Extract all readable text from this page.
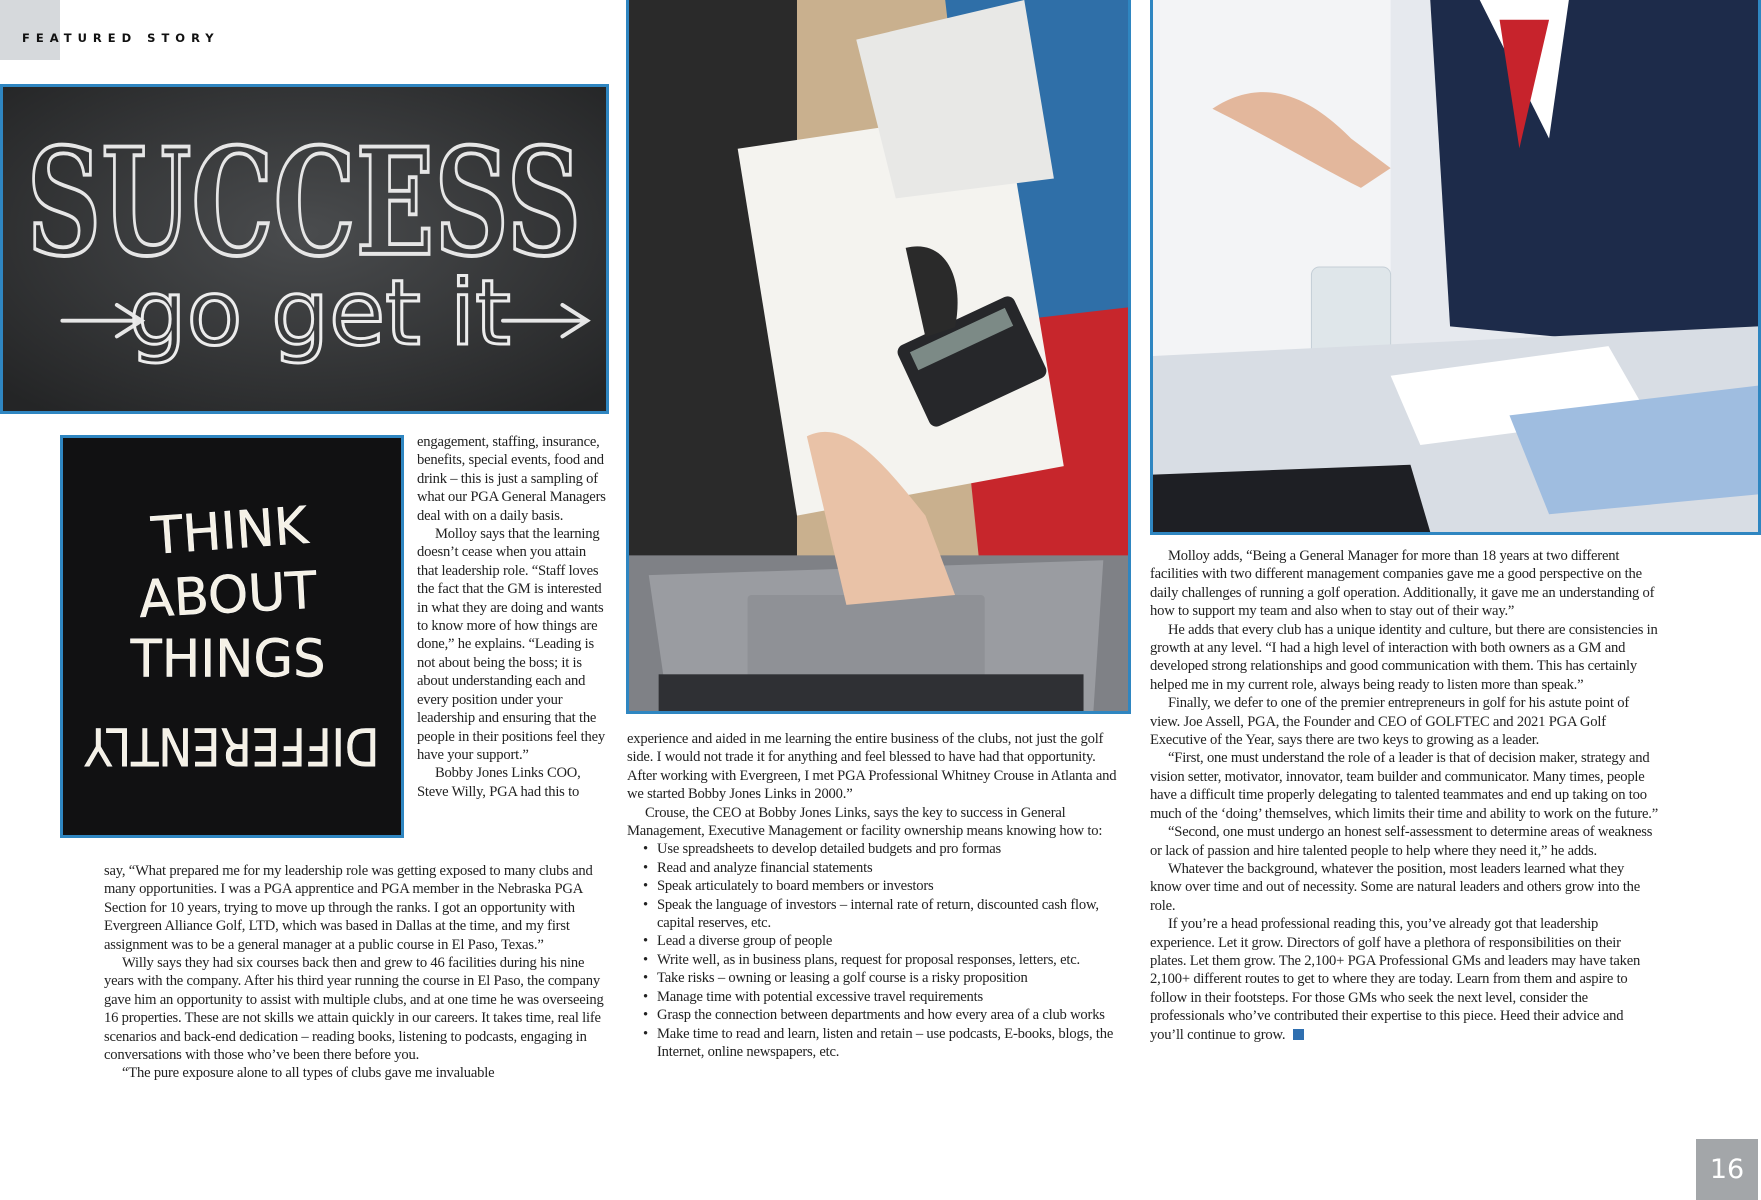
FEATURED STORY
SUCCESS
go get it
THINK
ABOUT
THINGS
DIFFERENTLY

engagement, staffing, insurance, benefits, special events, food and drink – this is just a sampling of what our PGA General Managers deal with on a daily basis.

Molloy says that the learning doesn’t cease when you attain that leadership role. “Staff loves the fact that the GM is interested in what they are doing and wants to know more of how things are done,” he explains. “Leading is not about being the boss; it is about understanding each and every position under your leadership and ensuring that the people in their positions feel they have your support.”

Bobby Jones Links COO, Steve Willy, PGA had this to

say, “What prepared me for my leadership role was getting exposed to many clubs and many opportunities. I was a PGA apprentice and PGA member in the Nebraska PGA Section for 10 years, trying to move up through the ranks. I got an opportunity with Evergreen Alliance Golf, LTD, which was based in Dallas at the time, and my first assignment was to be a general manager at a public course in El Paso, Texas.”

Willy says they had six courses back then and grew to 46 facilities during his nine years with the company. After his third year running the course in El Paso, the company gave him an opportunity to assist with multiple clubs, and at one time he was overseeing 16 properties. These are not skills we attain quickly in our careers. It takes time, real life scenarios and back-end dedication – reading books, listening to podcasts, engaging in conversations with those who’ve been there before you.

“The pure exposure alone to all types of clubs gave me invaluable

experience and aided in me learning the entire business of the clubs, not just the golf side. I would not trade it for anything and feel blessed to have had that opportunity. After working with Evergreen, I met PGA Professional Whitney Crouse in Atlanta and we started Bobby Jones Links in 2000.”

Crouse, the CEO at Bobby Jones Links, says the key to success in General Management, Executive Management or facility ownership means knowing how to:

• Use spreadsheets to develop detailed budgets and pro formas
• Read and analyze financial statements
• Speak articulately to board members or investors
• Speak the language of investors – internal rate of return, discounted cash flow, capital reserves, etc.
• Lead a diverse group of people
• Write well, as in business plans, request for proposal responses, letters, etc.
• Take risks – owning or leasing a golf course is a risky proposition
• Manage time with potential excessive travel requirements
• Grasp the connection between departments and how every area of a club works
• Make time to read and learn, listen and retain – use podcasts, E-books, blogs, the Internet, online newspapers, etc.

Molloy adds, “Being a General Manager for more than 18 years at two different facilities with two different management companies gave me a good perspective on the daily challenges of running a golf operation. Additionally, it gave me an understanding of how to support my team and also when to stay out of their way.”

He adds that every club has a unique identity and culture, but there are consistencies in growth at any level. “I had a high level of interaction with both owners as a GM and developed strong relationships and good communication with them. This has certainly helped me in my current role, always being ready to listen more than speak.”

Finally, we defer to one of the premier entrepreneurs in golf for his astute point of view. Joe Assell, PGA, the Founder and CEO of GOLFTEC and 2021 PGA Golf Executive of the Year, says there are two keys to growing as a leader.

“First, one must understand the role of a leader is that of decision maker, strategy and vision setter, motivator, innovator, team builder and communicator. Many times, people have a difficult time properly delegating to talented teammates and end up taking on too much of the ‘doing’ themselves, which limits their time and ability to work on the future.”

“Second, one must undergo an honest self-assessment to determine areas of weakness or lack of passion and hire talented people to help where they need it,” he adds.

Whatever the background, whatever the position, most leaders learned what they know over time and out of necessity. Some are natural leaders and others grow into the role.

If you’re a head professional reading this, you’ve already got that leadership experience. Let it grow. Directors of golf have a plethora of responsibilities on their plates. Let them grow. The 2,100+ PGA Professional GMs and leaders may have taken 2,100+ different routes to get to where they are today. Learn from them and aspire to follow in their footsteps. For those GMs who seek the next level, consider the professionals who’ve contributed their expertise to this piece. Heed their advice and you’ll continue to grow.

16
